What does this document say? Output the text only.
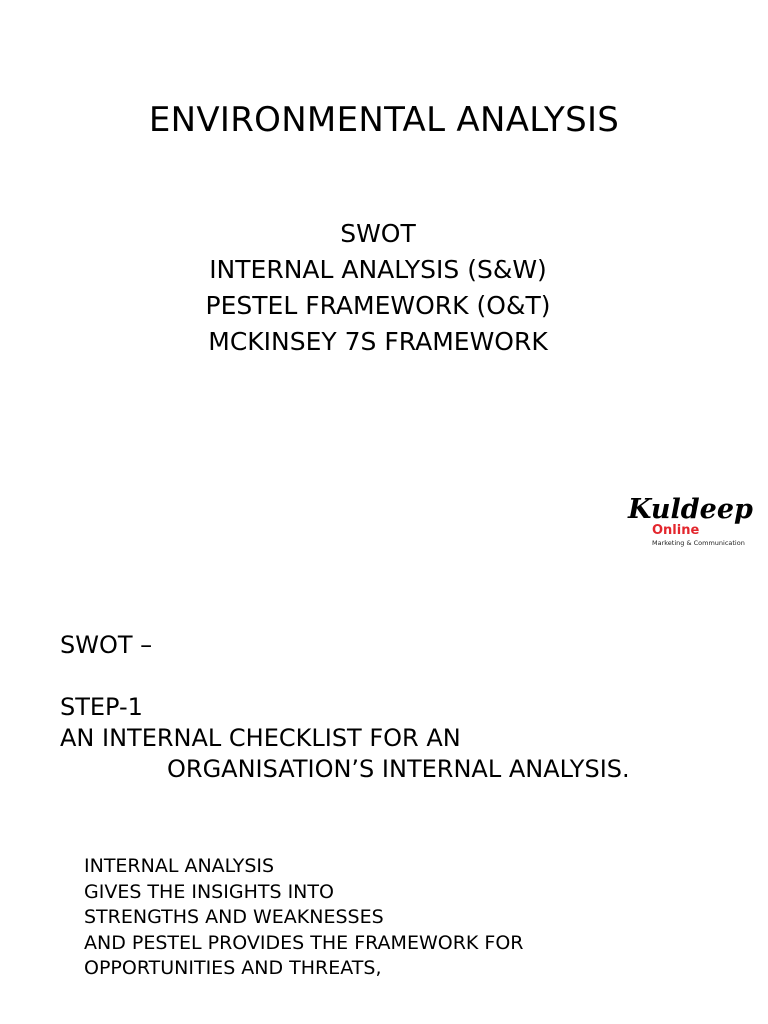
ENVIRONMENTAL ANALYSIS
SWOT
INTERNAL ANALYSIS (S&W)
PESTEL FRAMEWORK (O&T)
MCKINSEY 7S FRAMEWORK
Kuldeep
Online
Marketing & Communication
SWOT –
STEP-1
AN INTERNAL CHECKLIST FOR AN
ORGANISATION’S INTERNAL ANALYSIS.
INTERNAL ANALYSIS
GIVES THE INSIGHTS INTO
STRENGTHS AND WEAKNESSES
AND PESTEL PROVIDES THE FRAMEWORK FOR
OPPORTUNITIES AND THREATS,
